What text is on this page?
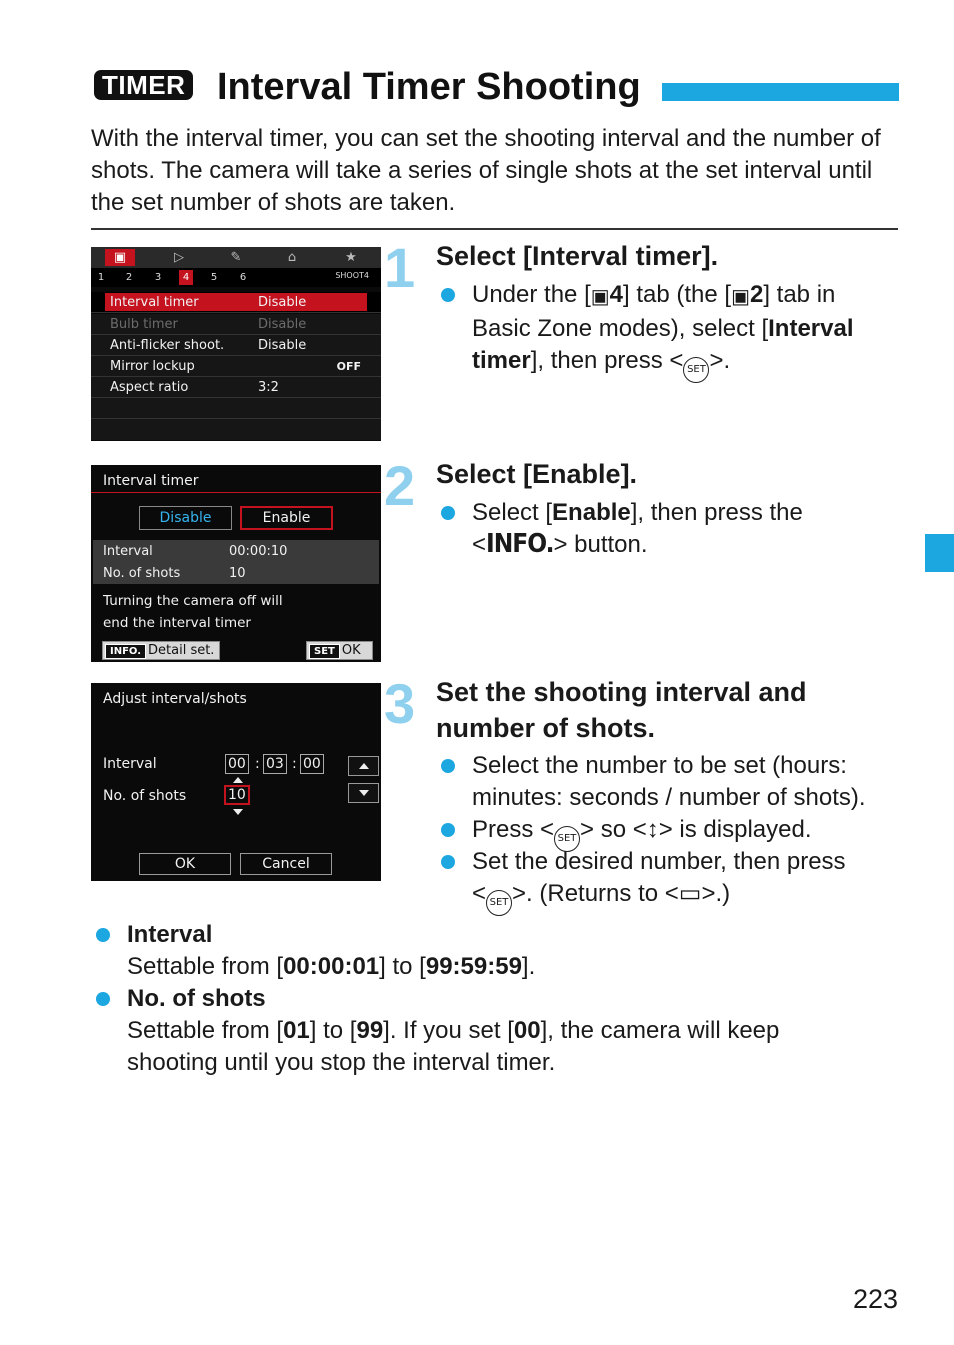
TIMER Interval Timer Shooting

With the interval timer, you can set the shooting interval and the number of shots. The camera will take a series of single shots at the set interval until the set number of shots are taken.

▣	▷	✎	⌂	★
1	2	3	4	5	6	SHOOT4
Interval timer	Disable
Bulb timer	Disable
Anti-flicker shoot.	Disable
Mirror lockup	OFF
Aspect ratio	3:2
Interval timer
Disable	Enable
Interval	00:00:10
No. of shots	10
Turning the camera off will
end the interval timer
INFO. Detail set.	SET OK
Adjust interval/shots
Interval	00 : 03 : 00
No. of shots	10
OK	Cancel
1 Select [Interval timer].
Under the [▣4] tab (the [▣2] tab in
Basic Zone modes), select [Interval
timer], then press < SET >.
2 Select [Enable].
Select [Enable], then press the
<INFO.> button.
3 Set the shooting interval and
number of shots.
Select the number to be set (hours:
minutes: seconds / number of shots).
Press < SET > so <↕> is displayed.
Set the desired number, then press
< SET >. (Returns to <▭>.)
Interval
Settable from [00:00:01] to [99:59:59].
No. of shots
Settable from [01] to [99]. If you set [00], the camera will keep
shooting until you stop the interval timer.
223
